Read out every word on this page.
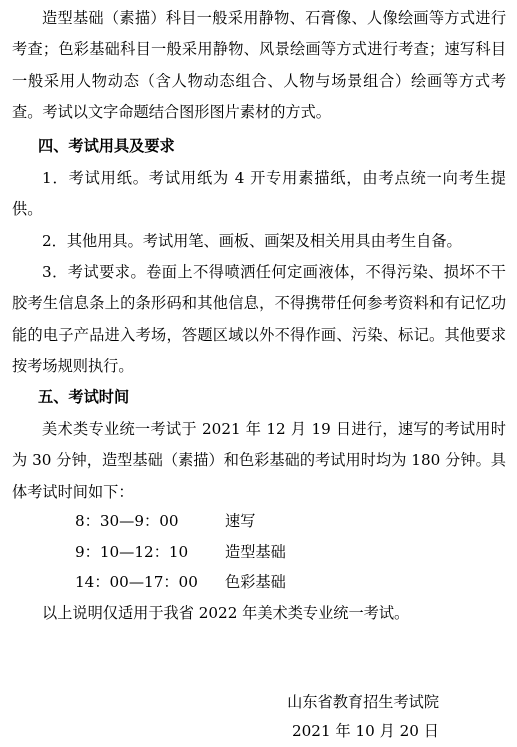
造型基础（素描）科目一般采用静物、石膏像、人像绘画等方式进行考查；色彩基础科目一般采用静物、风景绘画等方式进行考查；速写科目一般采用人物动态（含人物动态组合、人物与场景组合）绘画等方式考查。考试以文字命题结合图形图片素材的方式。

四、考试用具及要求

1．考试用纸。考试用纸为 4 开专用素描纸，由考点统一向考生提供。

2．其他用具。考试用笔、画板、画架及相关用具由考生自备。

3．考试要求。卷面上不得喷洒任何定画液体，不得污染、损坏不干胶考生信息条上的条形码和其他信息，不得携带任何参考资料和有记忆功能的电子产品进入考场，答题区域以外不得作画、污染、标记。其他要求按考场规则执行。

五、考试时间

美术类专业统一考试于 2021 年 12 月 19 日进行，速写的考试用时为 30 分钟，造型基础（素描）和色彩基础的考试用时均为 180 分钟。具体考试时间如下：

8：30—9：00	速写
9：10—12：10 造型基础
14：00—17：00 色彩基础

以上说明仅适用于我省 2022 年美术类专业统一考试。

山东省教育招生考试院
2021 年 10 月 20 日
